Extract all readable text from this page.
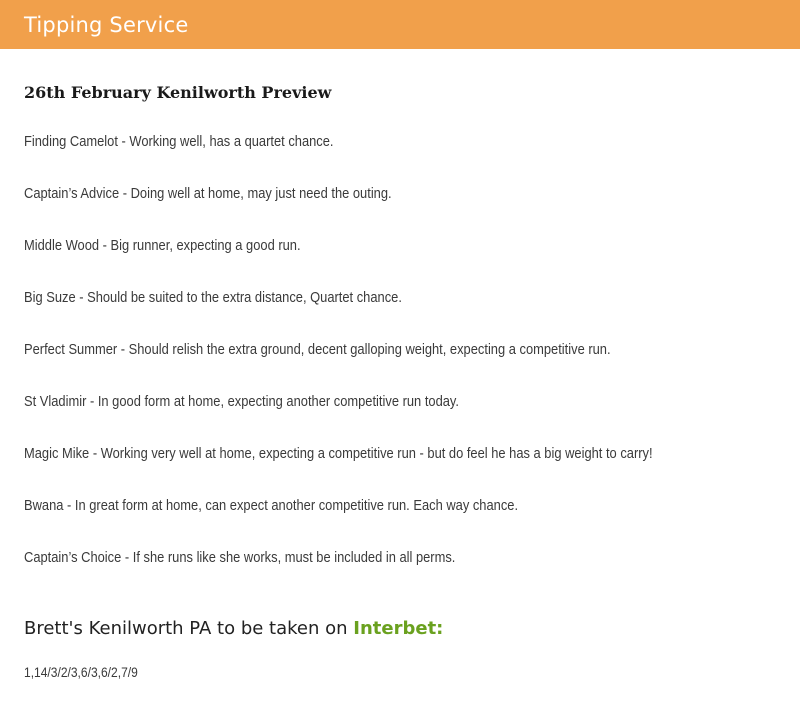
Tipping Service
26th February Kenilworth Preview
Finding Camelot - Working well, has a quartet chance.
Captain’s Advice - Doing well at home, may just need the outing.
Middle Wood - Big runner, expecting a good run.
Big Suze - Should be suited to the extra distance, Quartet chance.
Perfect Summer - Should relish the extra ground, decent galloping weight, expecting a competitive run.
St Vladimir - In good form at home, expecting another competitive run today.
Magic Mike - Working very well at home, expecting a competitive run - but do feel he has a big weight to carry!
Bwana - In great form at home, can expect another competitive run. Each way chance.
Captain’s Choice - If she runs like she works, must be included in all perms.
Brett's Kenilworth PA to be taken on Interbet:
1,14/3/2/3,6/3,6/2,7/9
